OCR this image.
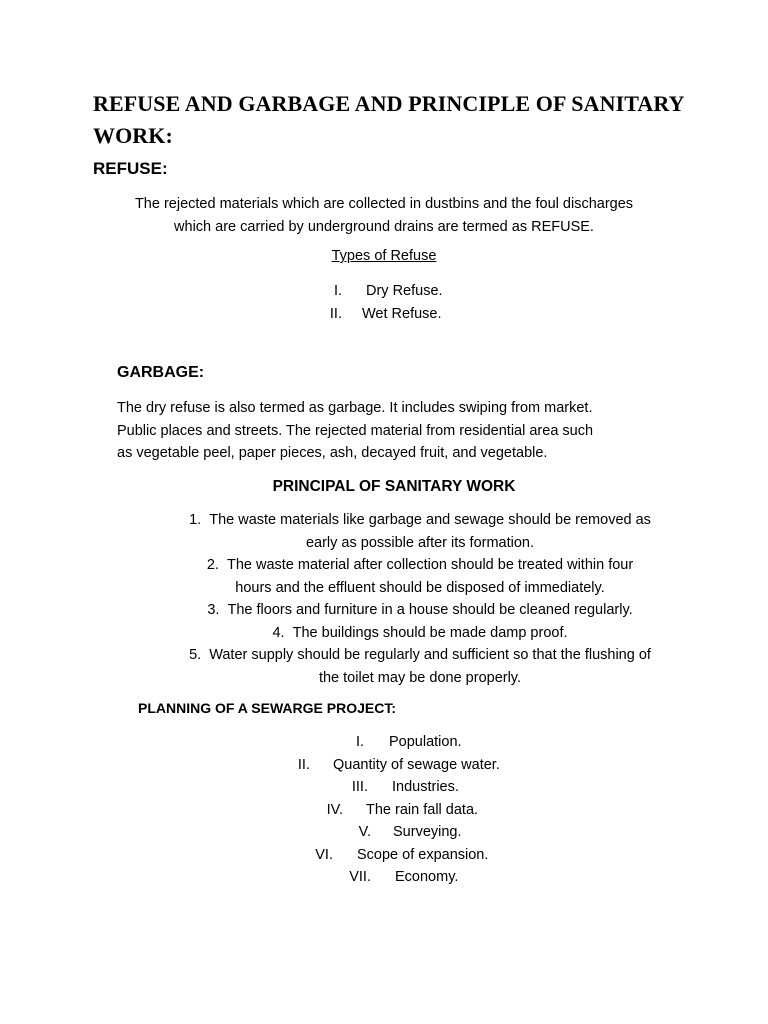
REFUSE AND GARBAGE AND PRINCIPLE OF SANITARY WORK:
REFUSE:

The rejected materials which are collected in dustbins and the foul discharges

which are carried by underground drains are termed as REFUSE.

Types of Refuse

I. Dry Refuse.
II. Wet Refuse.
GARBAGE:

The dry refuse is also termed as garbage. It includes swiping from market.

Public places and streets. The rejected material from residential area such

as vegetable peel, paper pieces, ash, decayed fruit, and vegetable.

PRINCIPAL OF SANITARY WORK
1. The waste materials like garbage and sewage should be removed as
early as possible after its formation.
2. The waste material after collection should be treated within four
hours and the effluent should be disposed of immediately.
3. The floors and furniture in a house should be cleaned regularly.
4. The buildings should be made damp proof.
5. Water supply should be regularly and sufficient so that the flushing of
the toilet may be done properly.
PLANNING OF A SEWARGE PROJECT:
I. Population.
II. Quantity of sewage water.
III. Industries.
IV. The rain fall data.
V. Surveying.
VI. Scope of expansion.
VII. Economy.
